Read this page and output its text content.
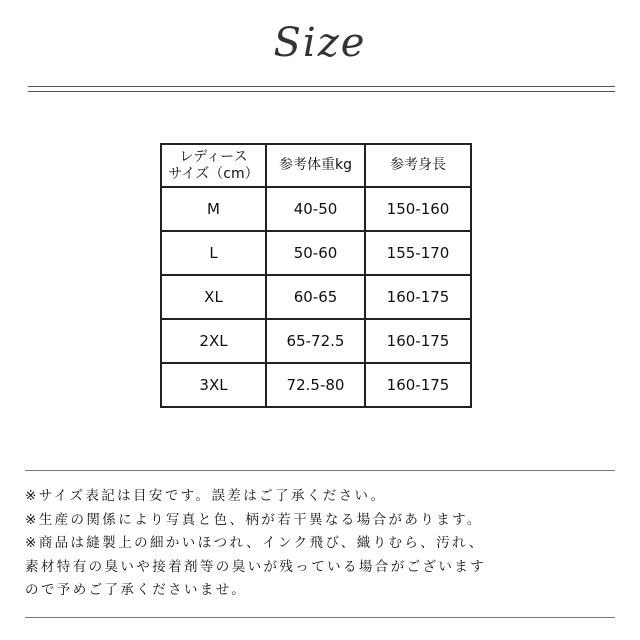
Size
レディース
サイズ（cm）	参考体重kg	参考身長
M	40-50	150-160
L	50-60	155-170
XL	60-65	160-175
2XL	65-72.5	160-175
3XL	72.5-80	160-175
※サイズ表記は目安です。誤差はご了承ください。
※生産の関係により写真と色、柄が若干異なる場合があります。
※商品は縫製上の細かいほつれ、インク飛び、織りむら、汚れ、
素材特有の臭いや接着剤等の臭いが残っている場合がございます
ので予めご了承くださいませ。
